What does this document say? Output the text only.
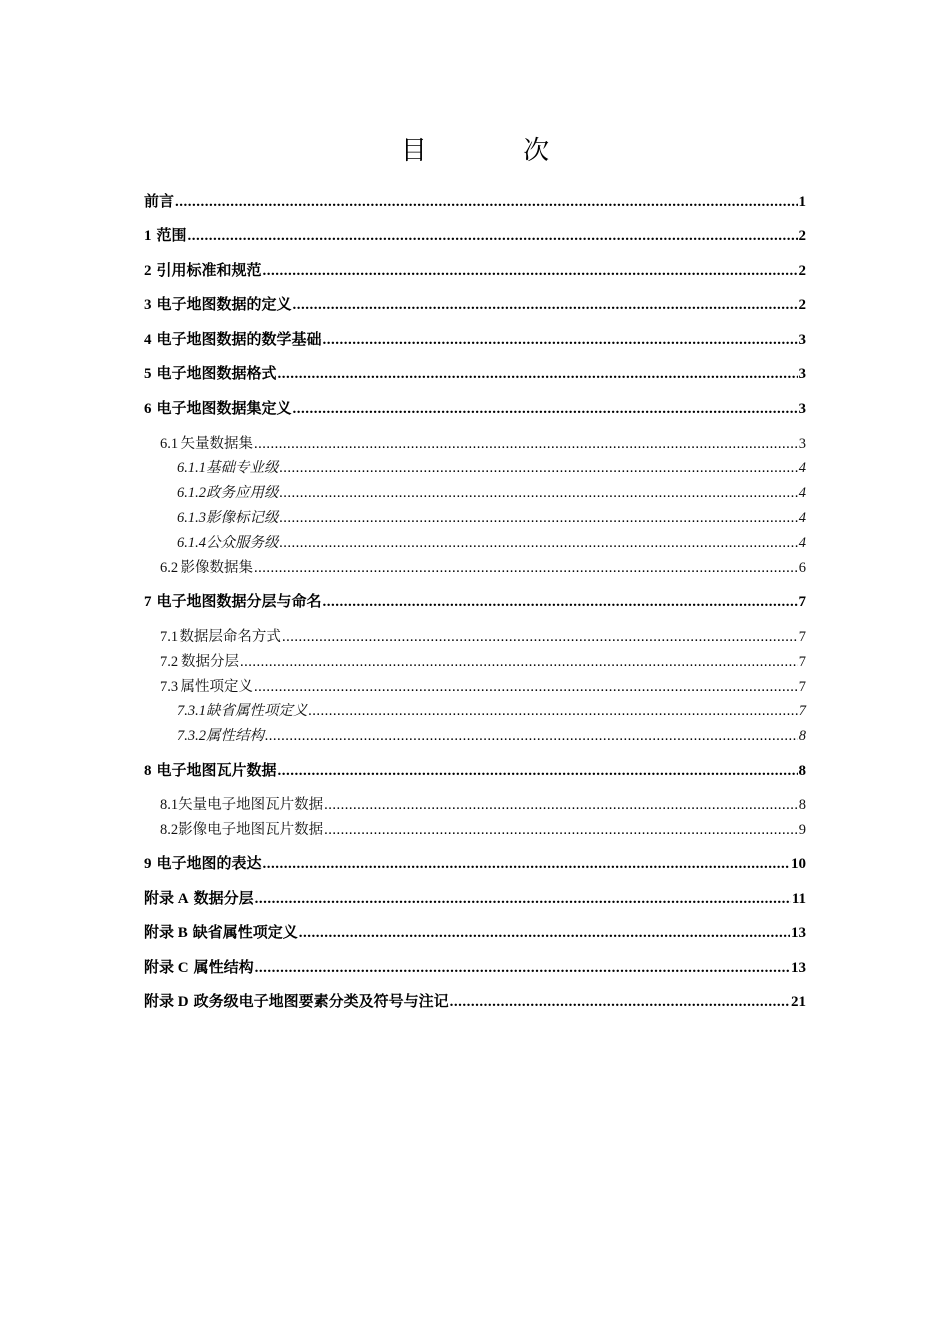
目 次
前言 .....	1
1 范围 .....	2
2 引用标准和规范 .....	2
3 电子地图数据的定义 .....	2
4 电子地图数据的数学基础 .....	3
5 电子地图数据格式 .....	3
6 电子地图数据集定义 .....	3
6.1 矢量数据集 .....	3
6.1.1 基础专业级 .....	4
6.1.2 政务应用级 .....	4
6.1.3 影像标记级 .....	4
6.1.4 公众服务级 .....	4
6.2 影像数据集 .....	6
7 电子地图数据分层与命名 .....	7
7.1 数据层命名方式 .....	7
7.2 数据分层 .....	7
7.3 属性项定义 .....	7
7.3.1 缺省属性项定义 .....	7
7.3.2 属性结构 .....	8
8 电子地图瓦片数据 .....	8
8.1 矢量电子地图瓦片数据 .....	8
8.2 影像电子地图瓦片数据 .....	9
9 电子地图的表达 .....	10
附录 A 数据分层 .....	11
附录 B 缺省属性项定义 .....	13
附录 C 属性结构 .....	13
附录 D 政务级电子地图要素分类及符号与注记 .....	21
